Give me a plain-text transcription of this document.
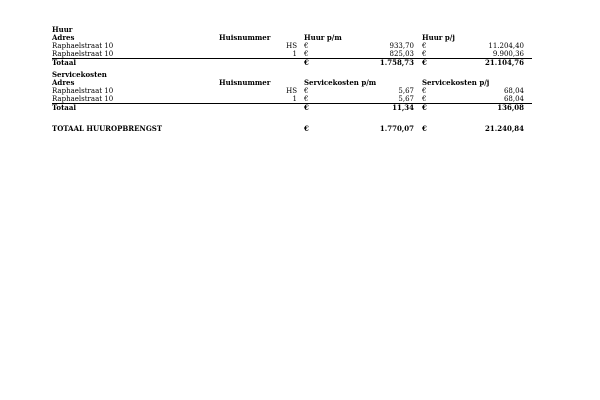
Huur
Adres	Huisnummer	Huur p/m	Huur p/j
Raphaelstraat 10	HS €	933,70 €	11.204,40
Raphaelstraat 10	1 €	825,03 €	9.900,36
Totaal	€	1.758,73 €	21.104,76
Servicekosten
Adres	Huisnummer	Servicekosten p/m	Servicekosten p/j
Raphaelstraat 10	HS €	5,67 €	68,04
Raphaelstraat 10	1 €	5,67 €	68,04
Totaal	€	11,34 €	136,08
TOTAAL HUUROPBRENGST	€	1.770,07 €	21.240,84
